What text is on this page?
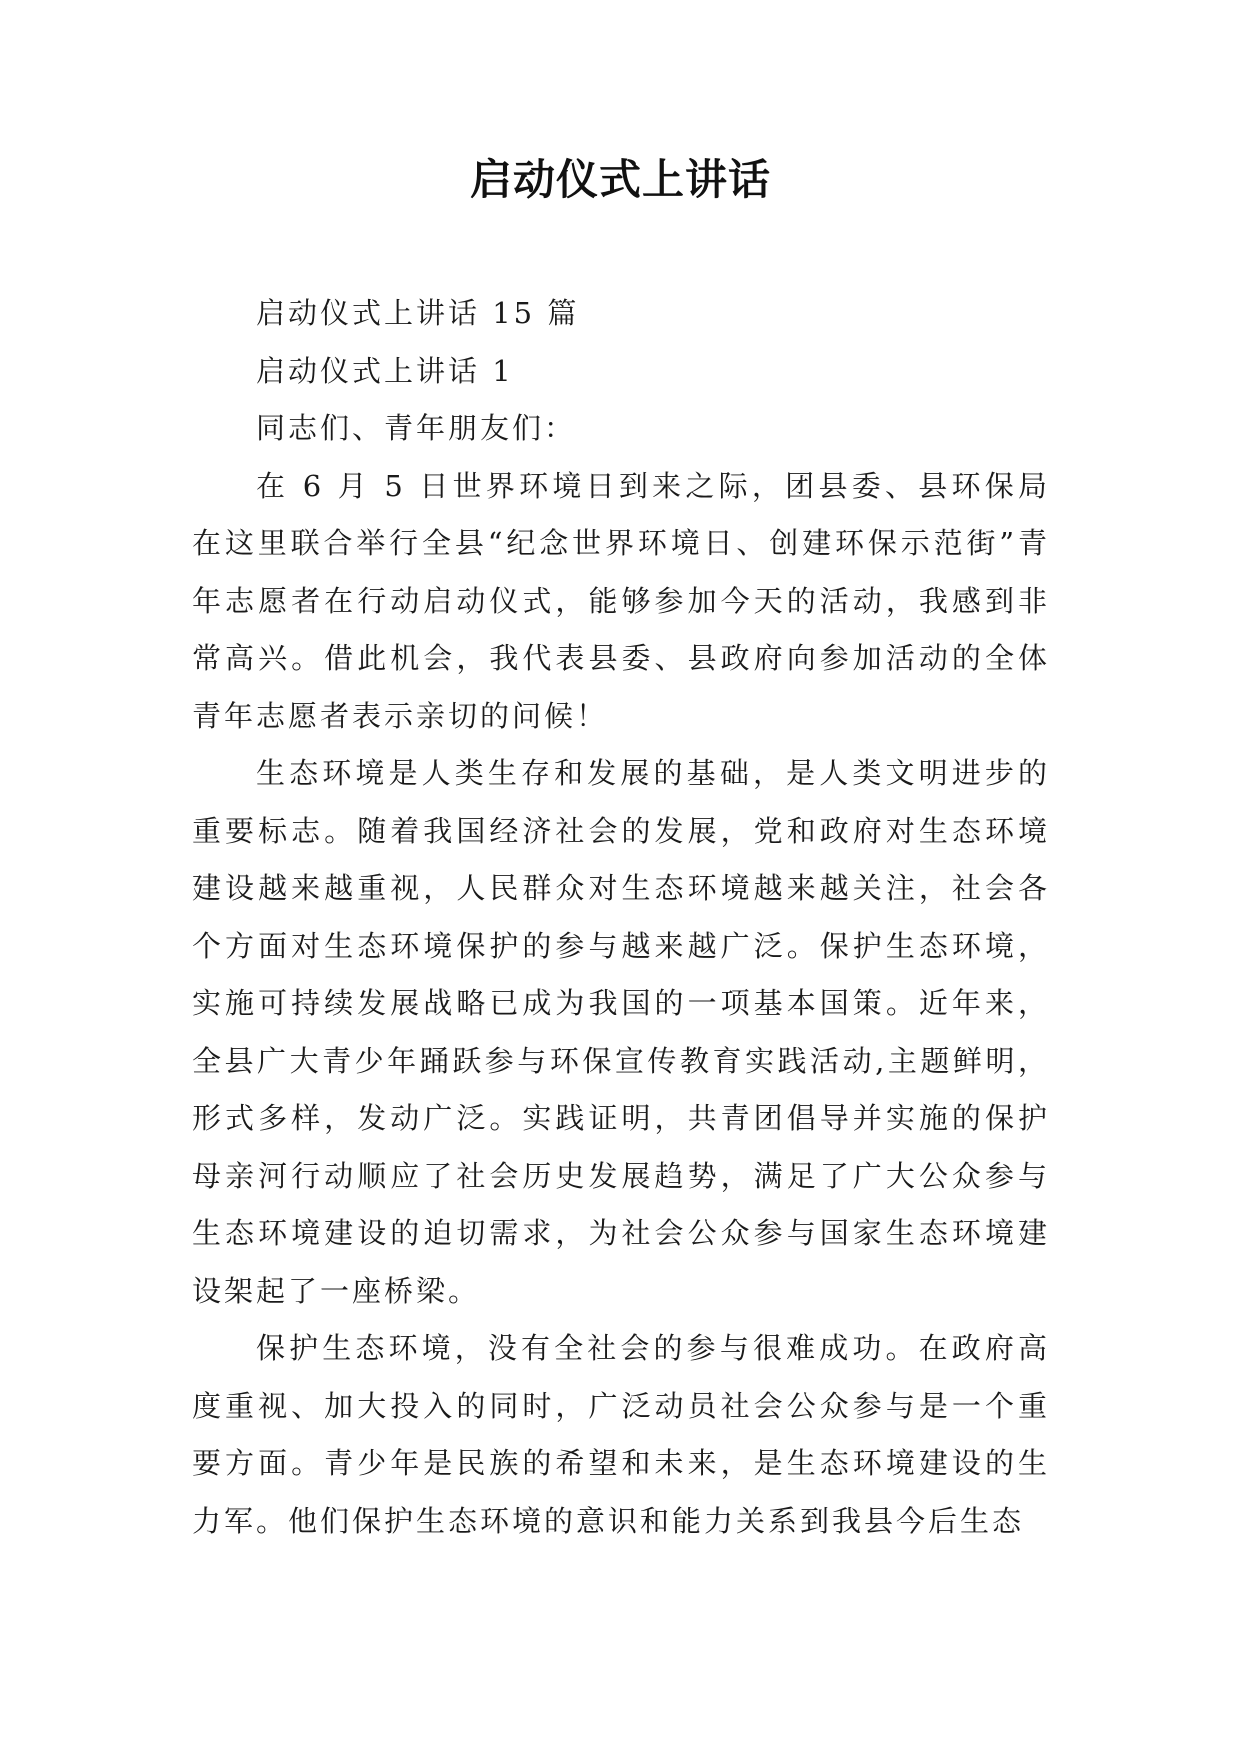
启动仪式上讲话

启动仪式上讲话 15 篇

启动仪式上讲话 1

同志们、青年朋友们：

在 6 月 5 日世界环境日到来之际，团县委、县环保局在这里联合举行全县“纪念世界环境日、创建环保示范街”青年志愿者在行动启动仪式，能够参加今天的活动，我感到非常高兴。借此机会，我代表县委、县政府向参加活动的全体青年志愿者表示亲切的问候！

生态环境是人类生存和发展的基础，是人类文明进步的重要标志。随着我国经济社会的发展，党和政府对生态环境建设越来越重视，人民群众对生态环境越来越关注，社会各个方面对生态环境保护的参与越来越广泛。保护生态环境，实施可持续发展战略已成为我国的一项基本国策。近年来，全县广大青少年踊跃参与环保宣传教育实践活动,主题鲜明，形式多样，发动广泛。实践证明，共青团倡导并实施的保护母亲河行动顺应了社会历史发展趋势，满足了广大公众参与生态环境建设的迫切需求，为社会公众参与国家生态环境建设架起了一座桥梁。

保护生态环境，没有全社会的参与很难成功。在政府高度重视、加大投入的同时，广泛动员社会公众参与是一个重要方面。青少年是民族的希望和未来，是生态环境建设的生力军。他们保护生态环境的意识和能力关系到我县今后生态
